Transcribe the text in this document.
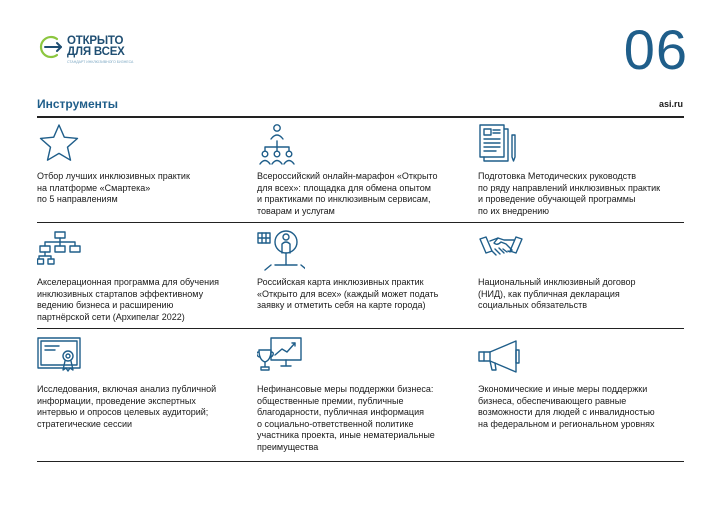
ОТКРЫТО
ДЛЯ ВСЕХ
СТАНДАРТ ИНКЛЮЗИВНОГО БИЗНЕСА	06
Инструменты	asi.ru
Отбор лучших инклюзивных практик
на платформе «Смартека»
по 5 направлениям
Всероссийский онлайн-марафон «Открыто
для всех»: площадка для обмена опытом
и практиками по инклюзивным сервисам,
товарам и услугам
Подготовка Методических руководств
по ряду направлений инклюзивных практик
и проведение обучающей программы
по их внедрению
Акселерационная программа для обучения
инклюзивных стартапов эффективному
ведению бизнеса и расширению
партнёрской сети (Архипелаг 2022)
Российская карта инклюзивных практик
«Открыто для всех» (каждый может подать
заявку и отметить себя на карте города)
Национальный инклюзивный договор
(НИД), как публичная декларация
социальных обязательств
Исследования, включая анализ публичной
информации, проведение экспертных
интервью и опросов целевых аудиторий;
стратегические сессии
Нефинансовые меры поддержки бизнеса:
общественные премии, публичные
благодарности, публичная информация
о социально-ответственной политике
участника проекта, иные нематериальные
преимущества
Экономические и иные меры поддержки
бизнеса, обеспечивающего равные
возможности для людей с инвалидностью
на федеральном и региональном уровнях
